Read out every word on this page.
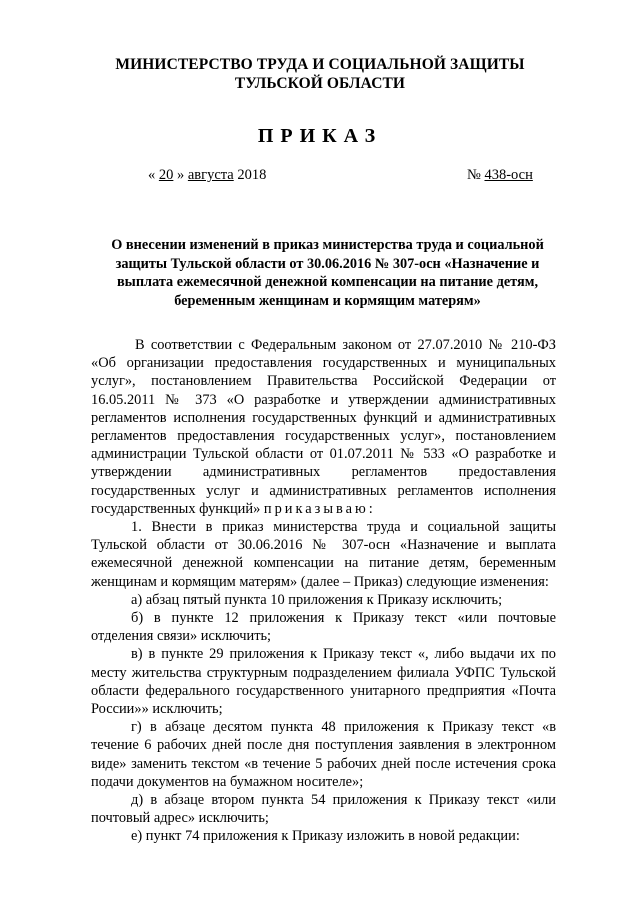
МИНИСТЕРСТВО ТРУДА И СОЦИАЛЬНОЙ ЗАЩИТЫ
ТУЛЬСКОЙ ОБЛАСТИ
ПРИКАЗ
« 20 » августа 2018	№ 438-осн
О внесении изменений в приказ министерства труда и социальной защиты Тульской области от 30.06.2016 № 307-осн «Назначение и выплата ежемесячной денежной компенсации на питание детям, беременным женщинам и кормящим матерям»

В соответствии с Федеральным законом от 27.07.2010 № 210-ФЗ «Об организации предоставления государственных и муниципальных услуг», постановлением Правительства Российской Федерации от 16.05.2011 № 373 «О разработке и утверждении административных регламентов исполнения государственных функций и административных регламентов предоставления государственных услуг», постановлением администрации Тульской области от 01.07.2011 № 533 «О разработке и утверждении административных регламентов предоставления государственных услуг и административных регламентов исполнения государственных функций» приказываю:

1. Внести в приказ министерства труда и социальной защиты Тульской области от 30.06.2016 № 307-осн «Назначение и выплата ежемесячной денежной компенсации на питание детям, беременным женщинам и кормящим матерям» (далее – Приказ) следующие изменения:

а) абзац пятый пункта 10 приложения к Приказу исключить;

б) в пункте 12 приложения к Приказу текст «или почтовые отделения связи» исключить;

в) в пункте 29 приложения к Приказу текст «, либо выдачи их по месту жительства структурным подразделением филиала УФПС Тульской области федерального государственного унитарного предприятия «Почта России»» исключить;

г) в абзаце десятом пункта 48 приложения к Приказу текст «в течение 6 рабочих дней после дня поступления заявления в электронном виде» заменить текстом «в течение 5 рабочих дней после истечения срока подачи документов на бумажном носителе»;

д) в абзаце втором пункта 54 приложения к Приказу текст «или почтовый адрес» исключить;

е) пункт 74 приложения к Приказу изложить в новой редакции:
